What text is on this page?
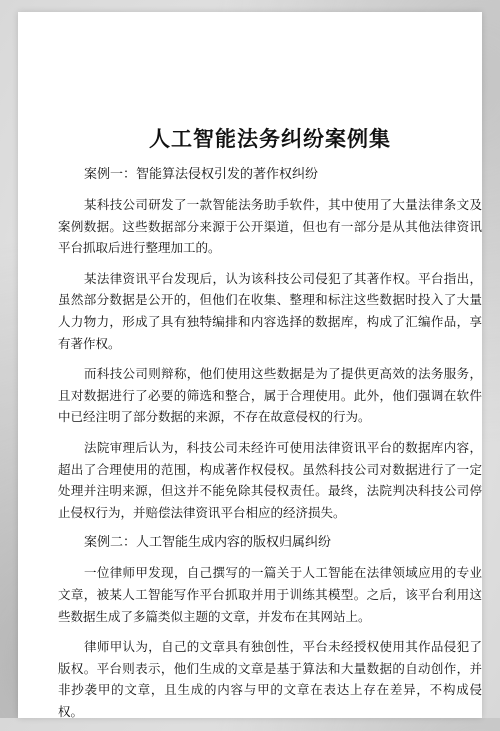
人工智能法务纠纷案例集

案例一：智能算法侵权引发的著作权纠纷

某科技公司研发了一款智能法务助手软件，其中使用了大量法律条文及案例数据。这些数据部分来源于公开渠道，但也有一部分是从其他法律资讯平台抓取后进行整理加工的。

某法律资讯平台发现后，认为该科技公司侵犯了其著作权。平台指出，虽然部分数据是公开的，但他们在收集、整理和标注这些数据时投入了大量人力物力，形成了具有独特编排和内容选择的数据库，构成了汇编作品，享有著作权。

而科技公司则辩称，他们使用这些数据是为了提供更高效的法务服务，且对数据进行了必要的筛选和整合，属于合理使用。此外，他们强调在软件中已经注明了部分数据的来源，不存在故意侵权的行为。

法院审理后认为，科技公司未经许可使用法律资讯平台的数据库内容，超出了合理使用的范围，构成著作权侵权。虽然科技公司对数据进行了一定处理并注明来源，但这并不能免除其侵权责任。最终，法院判决科技公司停止侵权行为，并赔偿法律资讯平台相应的经济损失。

案例二：人工智能生成内容的版权归属纠纷

一位律师甲发现，自己撰写的一篇关于人工智能在法律领域应用的专业文章，被某人工智能写作平台抓取并用于训练其模型。之后，该平台利用这些数据生成了多篇类似主题的文章，并发布在其网站上。

律师甲认为，自己的文章具有独创性，平台未经授权使用其作品侵犯了版权。平台则表示，他们生成的文章是基于算法和大量数据的自动创作，并非抄袭甲的文章，且生成的内容与甲的文章在表达上存在差异，不构成侵权。
